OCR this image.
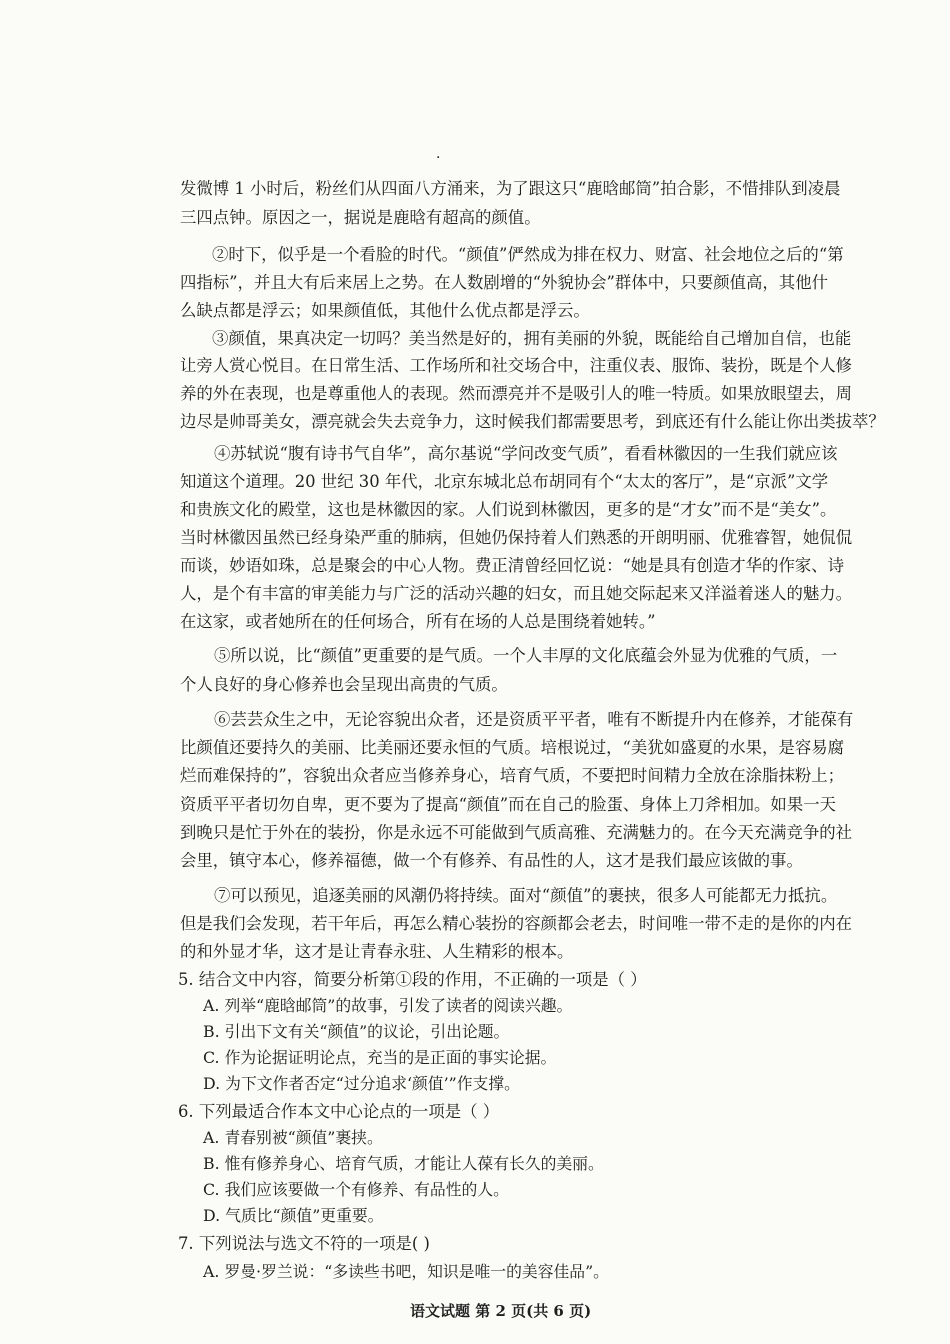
·
发微博 1 小时后，粉丝们从四面八方涌来，为了跟这只“鹿晗邮筒”拍合影，不惜排队到凌晨
三四点钟。原因之一，据说是鹿晗有超高的颜值。
②时下，似乎是一个看脸的时代。“颜值”俨然成为排在权力、财富、社会地位之后的“第
四指标”，并且大有后来居上之势。在人数剧增的“外貌协会”群体中，只要颜值高，其他什
么缺点都是浮云；如果颜值低，其他什么优点都是浮云。
③颜值，果真决定一切吗？美当然是好的，拥有美丽的外貌，既能给自己增加自信，也能
让旁人赏心悦目。在日常生活、工作场所和社交场合中，注重仪表、服饰、装扮，既是个人修
养的外在表现，也是尊重他人的表现。然而漂亮并不是吸引人的唯一特质。如果放眼望去，周
边尽是帅哥美女，漂亮就会失去竞争力，这时候我们都需要思考，到底还有什么能让你出类拔萃？
④苏轼说“腹有诗书气自华”，高尔基说“学问改变气质”，看看林徽因的一生我们就应该
知道这个道理。20 世纪 30 年代，北京东城北总布胡同有个“太太的客厅”，是“京派”文学
和贵族文化的殿堂，这也是林徽因的家。人们说到林徽因，更多的是“才女”而不是“美女”。
当时林徽因虽然已经身染严重的肺病，但她仍保持着人们熟悉的开朗明丽、优雅睿智，她侃侃
而谈，妙语如珠，总是聚会的中心人物。费正清曾经回忆说：“她是具有创造才华的作家、诗
人，是个有丰富的审美能力与广泛的活动兴趣的妇女，而且她交际起来又洋溢着迷人的魅力。
在这家，或者她所在的任何场合，所有在场的人总是围绕着她转。”
⑤所以说，比“颜值”更重要的是气质。一个人丰厚的文化底蕴会外显为优雅的气质，一
个人良好的身心修养也会呈现出高贵的气质。
⑥芸芸众生之中，无论容貌出众者，还是资质平平者，唯有不断提升内在修养，才能葆有
比颜值还要持久的美丽、比美丽还要永恒的气质。培根说过，“美犹如盛夏的水果，是容易腐
烂而难保持的”，容貌出众者应当修养身心，培育气质，不要把时间精力全放在涂脂抹粉上；
资质平平者切勿自卑，更不要为了提高“颜值”而在自己的脸蛋、身体上刀斧相加。如果一天
到晚只是忙于外在的装扮，你是永远不可能做到气质高雅、充满魅力的。在今天充满竞争的社
会里，镇守本心，修养福德，做一个有修养、有品性的人，这才是我们最应该做的事。
⑦可以预见，追逐美丽的风潮仍将持续。面对“颜值”的裹挟，很多人可能都无力抵抗。
但是我们会发现，若干年后，再怎么精心装扮的容颜都会老去，时间唯一带不走的是你的内在
的和外显才华，这才是让青春永驻、人生精彩的根本。
5. 结合文中内容，简要分析第①段的作用，不正确的一项是（ ）
A. 列举“鹿晗邮筒”的故事，引发了读者的阅读兴趣。
B. 引出下文有关“颜值”的议论，引出论题。
C. 作为论据证明论点，充当的是正面的事实论据。
D. 为下文作者否定“过分追求‘颜值’”作支撑。
6. 下列最适合作本文中心论点的一项是（ ）
A. 青春别被“颜值”裹挟。
B. 惟有修养身心、培育气质，才能让人葆有长久的美丽。
C. 我们应该要做一个有修养、有品性的人。
D. 气质比“颜值”更重要。
7. 下列说法与选文不符的一项是( )
A. 罗曼·罗兰说：“多读些书吧，知识是唯一的美容佳品”。
语文试题 第 2 页(共 6 页)
